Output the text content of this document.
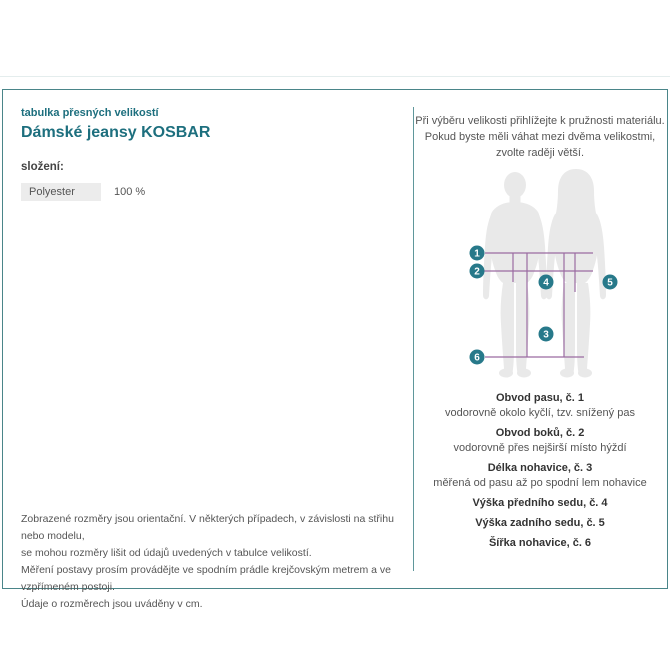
tabulka přesných velikostí
Dámské jeansy KOSBAR
složení:
Polyester	100 %
Zobrazené rozměry jsou orientační. V některých případech, v závislosti na střihu nebo modelu,
se mohou rozměry lišit od údajů uvedených v tabulce velikostí.
Měření postavy prosím provádějte ve spodním prádle krejčovským metrem a ve vzpřímeném postoji.
Údaje o rozměrech jsou uváděny v cm.
Při výběru velikosti přihlížejte k pružnosti materiálu.
Pokud byste měli váhat mezi dvěma velikostmi,
zvolte raději větší.
1
2
4	5
3
6
Obvod pasu, č. 1
vodorovně okolo kyčlí, tzv. snížený pas
Obvod boků, č. 2
vodorovně přes nejširší místo hýždí
Délka nohavice, č. 3
měřená od pasu až po spodní lem nohavice
Výška předního sedu, č. 4
Výška zadního sedu, č. 5
Šířka nohavice, č. 6
